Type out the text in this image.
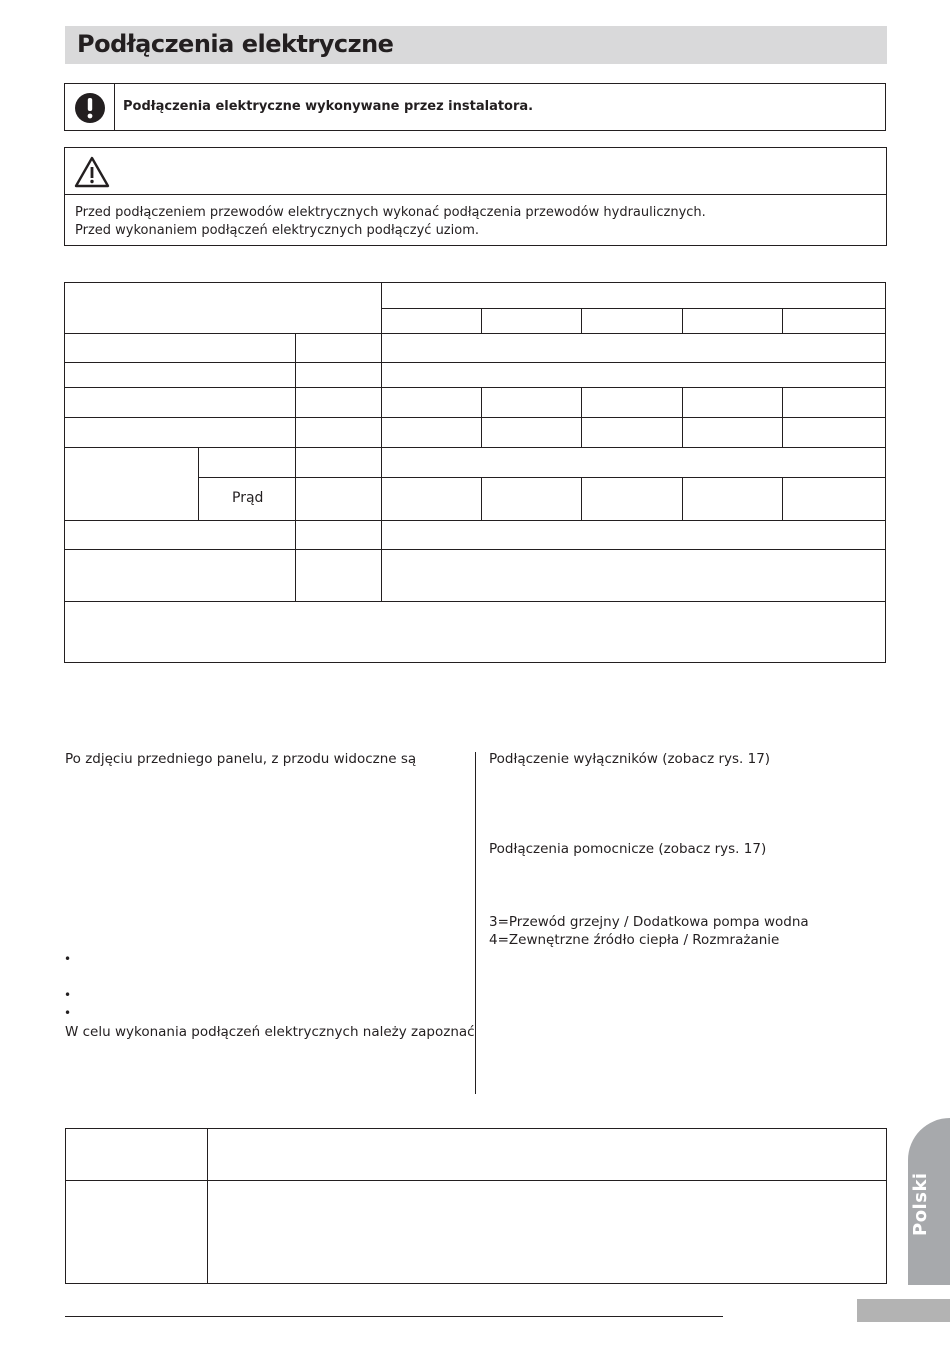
Podłączenia elektryczne
Podłączenia elektryczne wykonywane przez instalatora.
Przed podłączeniem przewodów elektrycznych wykonać podłączenia przewodów hydraulicznych.
Przed wykonaniem podłączeń elektrycznych podłączyć uziom.
Prąd
Po zdjęciu przedniego panelu, z przodu widoczne są
•
•
•
W celu wykonania podłączeń elektrycznych należy zapoznać
Podłączenie wyłączników (zobacz rys. 17)
Podłączenia pomocnicze (zobacz rys. 17)
3=Przewód grzejny / Dodatkowa pompa wodna
4=Zewnętrzne źródło ciepła / Rozmrażanie
Polski
